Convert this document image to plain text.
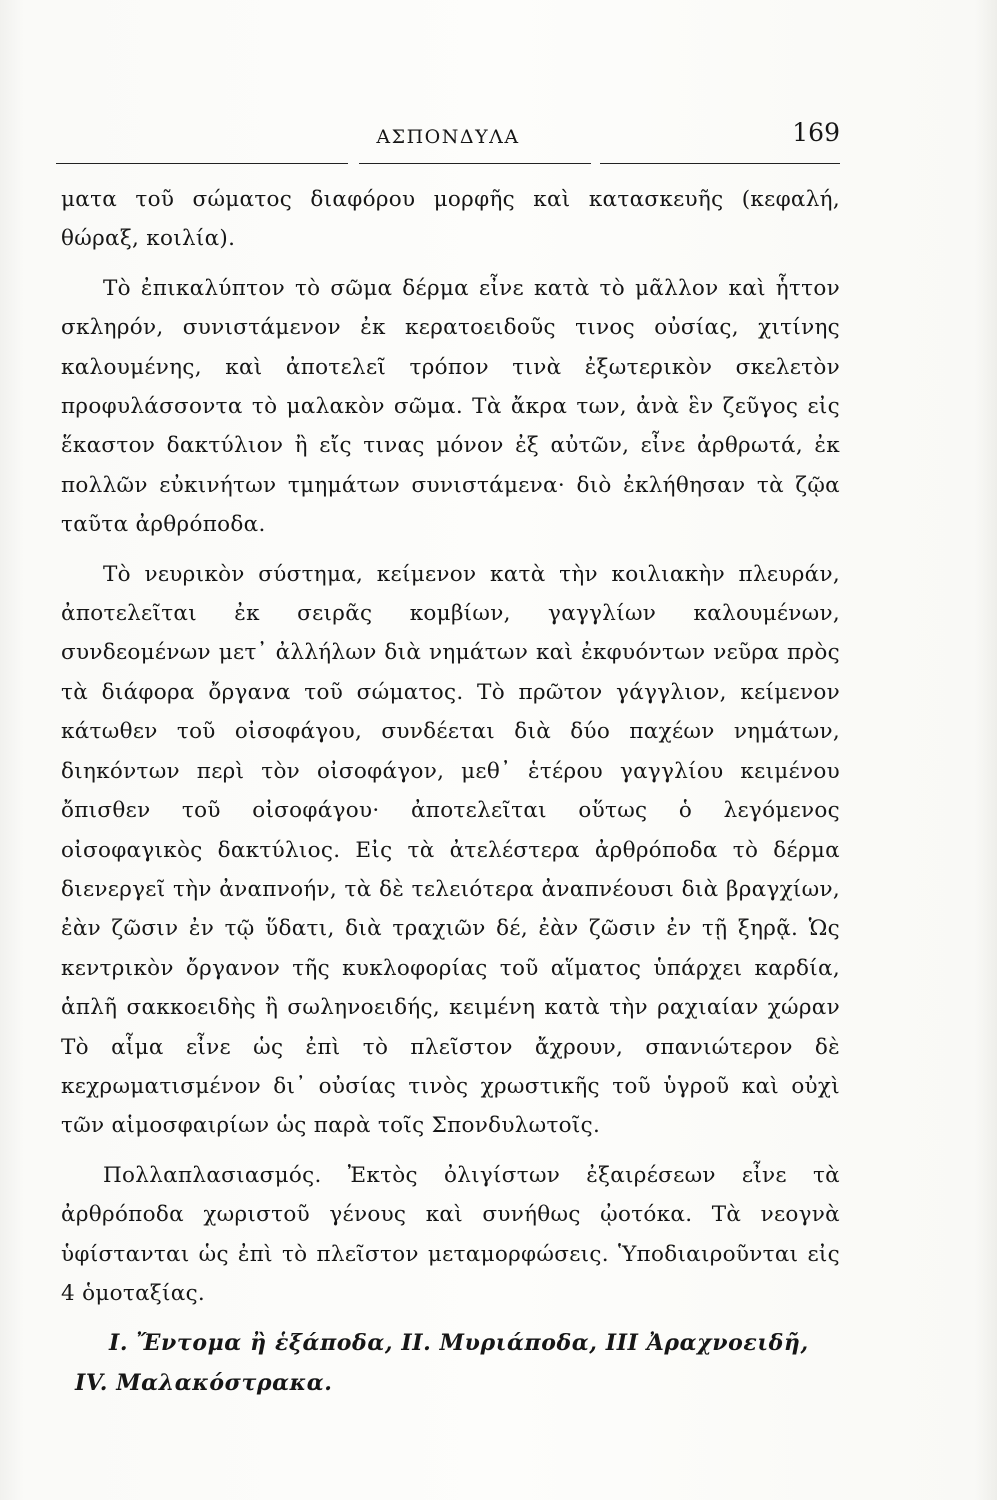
ΑΣΠΟΝΔΥΛΑ	169

ματα τοῦ σώματος διαφόρου μορφῆς καὶ κατασκευῆς (κεφαλή, θώραξ, κοιλία).

Τὸ ἐπικαλύπτον τὸ σῶμα δέρμα εἶνε κατὰ τὸ μᾶλλον καὶ ἧττον σκληρόν, συνιστάμενον ἐκ κερατοειδοῦς τινος οὐσίας, χιτίνης καλουμένης, καὶ ἀποτελεῖ τρόπον τινὰ ἐξωτερικὸν σκελετὸν προφυλάσσοντα τὸ μαλακὸν σῶμα. Τὰ ἄκρα των, ἀνὰ ἓν ζεῦγος εἰς ἕκαστον δακτύλιον ἢ εἴς τινας μόνον ἐξ αὐτῶν, εἶνε ἀρθρωτά, ἐκ πολλῶν εὐκινήτων τμημάτων συνιστάμενα· διὸ ἐκλήθησαν τὰ ζῷα ταῦτα ἀρθρόποδα.

Τὸ νευρικὸν σύστημα, κείμενον κατὰ τὴν κοιλιακὴν πλευράν, ἀποτελεῖται ἐκ σειρᾶς κομβίων, γαγγλίων καλουμένων, συνδεομένων μετ᾽ ἀλλήλων διὰ νημάτων καὶ ἐκφυόντων νεῦρα πρὸς τὰ διάφορα ὄργανα τοῦ σώματος. Τὸ πρῶτον γάγγλιον, κείμενον κάτωθεν τοῦ οἰσοφάγου, συνδέεται διὰ δύο παχέων νημάτων, διηκόντων περὶ τὸν οἰσοφάγον, μεθ᾽ ἑτέρου γαγγλίου κειμένου ὄπισθεν τοῦ οἰσοφάγου· ἀποτελεῖται οὕτως ὁ λεγόμενος οἰσοφαγικὸς δακτύλιος. Εἰς τὰ ἀτελέστερα ἀρθρόποδα τὸ δέρμα διενεργεῖ τὴν ἀναπνοήν, τὰ δὲ τελειότερα ἀναπνέουσι διὰ βραγχίων, ἐὰν ζῶσιν ἐν τῷ ὕδατι, διὰ τραχιῶν δέ, ἐὰν ζῶσιν ἐν τῇ ξηρᾷ. Ὡς κεντρικὸν ὄργανον τῆς κυκλοφορίας τοῦ αἵματος ὑπάρχει καρδία, ἁπλῆ σακκοειδὴς ἢ σωληνοειδής, κειμένη κατὰ τὴν ραχιαίαν χώραν Τὸ αἷμα εἶνε ὡς ἐπὶ τὸ πλεῖστον ἄχρουν, σπανιώτερον δὲ κεχρωματισμένον δι᾽ οὐσίας τινὸς χρωστικῆς τοῦ ὑγροῦ καὶ οὐχὶ τῶν αἱμοσφαιρίων ὡς παρὰ τοῖς Σπονδυλωτοῖς.

Πολλαπλασιασμός. Ἐκτὸς ὀλιγίστων ἐξαιρέσεων εἶνε τὰ ἀρθρόποδα χωριστοῦ γένους καὶ συνήθως ᾠοτόκα. Τὰ νεογνὰ ὑφίστανται ὡς ἐπὶ τὸ πλεῖστον μεταμορφώσεις. Ὑποδιαιροῦνται εἰς 4 ὁμοταξίας.

Ι. Ἔντομα ἢ ἑξάποδα, ΙΙ. Μυριάποδα, ΙΙΙ Ἀραχνοειδῆ,
IV. Μαλακόστρακα.
